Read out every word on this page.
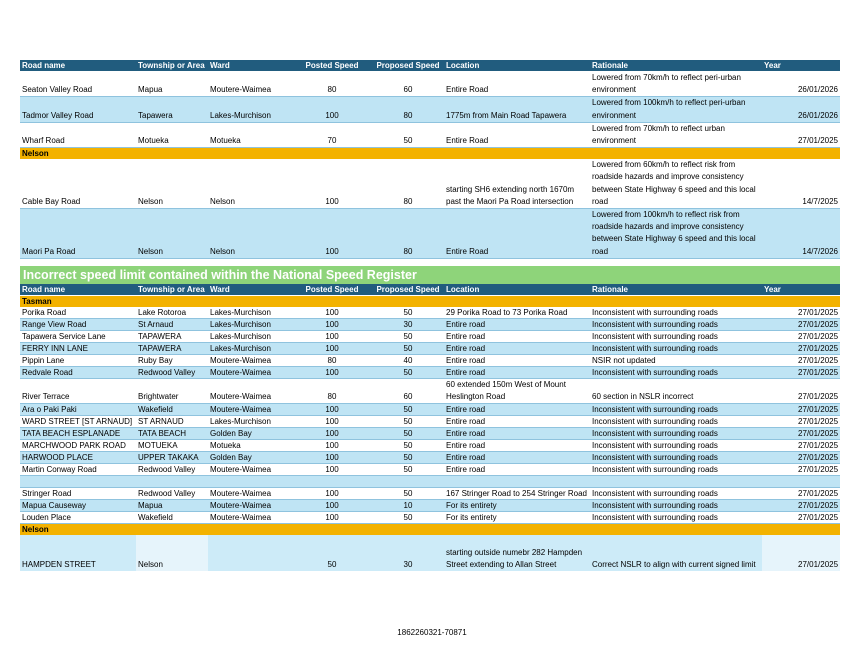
Road name	Township or Area	Ward	Posted Speed	Proposed Speed	Location	Rationale	Year
Seaton Valley Road	Mapua	Moutere-Waimea	80	60	Entire Road	Lowered from 70km/h to reflect peri-urban environment	26/01/2026
Tadmor Valley Road	Tapawera	Lakes-Murchison	100	80	1775m from Main Road Tapawera	Lowered from 100km/h to reflect peri-urban environment	26/01/2026
Wharf Road	Motueka	Motueka	70	50	Entire Road	Lowered from 70km/h to reflect urban environment	27/01/2025
Nelson							
Cable Bay Road	Nelson	Nelson	100	80	starting SH6 extending north 1670m past the Maori Pa Road intersection	Lowered from 60km/h to reflect risk from roadside hazards and improve consistency between State Highway 6 speed and this local road	14/7/2025
Maori Pa Road	Nelson	Nelson	100	80	Entire Road	Lowered from 100km/h to reflect risk from roadside hazards and improve consistency between State Highway 6 speed and this local road	14/7/2026
Incorrect speed limit contained within the National Speed Register							
Road name	Township or Area	Ward	Posted Speed	Proposed Speed	Location	Rationale	Year
Tasman							
Porika Road	Lake Rotoroa	Lakes-Murchison	100	50	29 Porika Road to 73 Porika Road	Inconsistent with surrounding roads	27/01/2025
Range View Road	St Arnaud	Lakes-Murchison	100	30	Entire road	Inconsistent with surrounding roads	27/01/2025
Tapawera Service Lane	TAPAWERA	Lakes-Murchison	100	50	Entire road	Inconsistent with surrounding roads	27/01/2025
FERRY INN LANE	TAPAWERA	Lakes-Murchison	100	50	Entire road	Inconsistent with surrounding roads	27/01/2025
Pippin Lane	Ruby Bay	Moutere-Waimea	80	40	Entire road	NSIR not updated	27/01/2025
Redvale Road	Redwood Valley	Moutere-Waimea	100	50	Entire road	Inconsistent with surrounding roads	27/01/2025
River Terrace	Brightwater	Moutere-Waimea	80	60	60 extended 150m West of Mount Heslington Road	60 section in NSLR incorrect	27/01/2025
Ara o Paki Paki	Wakefield	Moutere-Waimea	100	50	Entire road	Inconsistent with surrounding roads	27/01/2025
WARD STREET [ST ARNAUD]	ST ARNAUD	Lakes-Murchison	100	50	Entire road	Inconsistent with surrounding roads	27/01/2025
TATA BEACH ESPLANADE	TATA BEACH	Golden Bay	100	50	Entire road	Inconsistent with surrounding roads	27/01/2025
MARCHWOOD PARK ROAD	MOTUEKA	Motueka	100	50	Entire road	Inconsistent with surrounding roads	27/01/2025
HARWOOD PLACE	UPPER TAKAKA	Golden Bay	100	50	Entire road	Inconsistent with surrounding roads	27/01/2025
Martin Conway Road	Redwood Valley	Moutere-Waimea	100	50	Entire road	Inconsistent with surrounding roads	27/01/2025

Stringer Road	Redwood Valley	Moutere-Waimea	100	50	167 Stringer Road to 254 Stringer Road	Inconsistent with surrounding roads	27/01/2025
Mapua Causeway	Mapua	Moutere-Waimea	100	10	For its entirety	Inconsistent with surrounding roads	27/01/2025
Louden Place	Wakefield	Moutere-Waimea	100	50	For its entirety	Inconsistent with surrounding roads	27/01/2025
Nelson							
HAMPDEN STREET	Nelson		50	30	starting outside numebr 282 Hampden Street extending to Allan Street	Correct NSLR to align with current signed limit	27/01/2025
1862260321-70871
